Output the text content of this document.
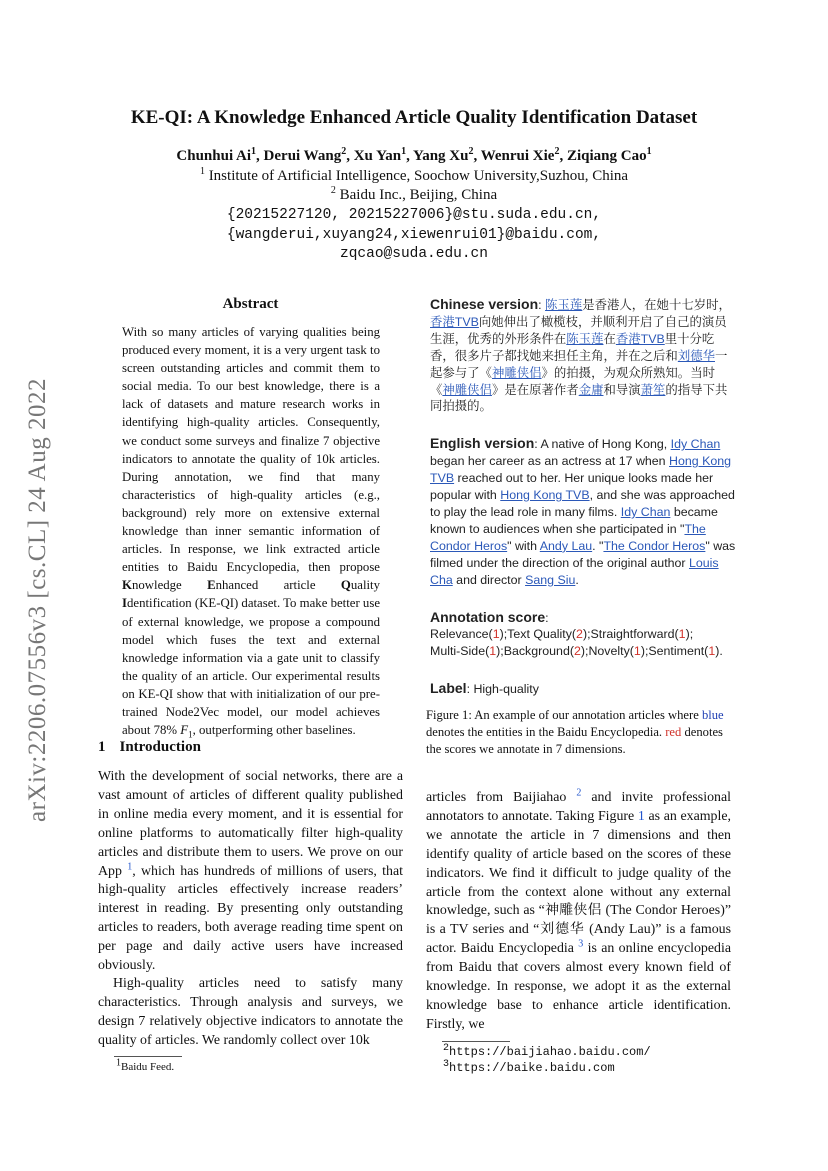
arXiv:2206.07556v3 [cs.CL] 24 Aug 2022
KE-QI: A Knowledge Enhanced Article Quality Identification Dataset
Chunhui Ai$^1$, Derui Wang$^2$, Xu Yan$^1$, Yang Xu$^2$, Wenrui Xie$^2$, Ziqiang Cao$^1$
$^1$ Institute of Artificial Intelligence, Soochow University,Suzhou, China
$^2$ Baidu Inc., Beijing, China
{20215227120, 20215227006}@stu.suda.edu.cn,
{wangderui,xuyang24,xiewenrui01}@baidu.com,
zqcao@suda.edu.cn
Abstract
With so many articles of varying qualities being produced every moment, it is a very urgent task to screen outstanding articles and commit them to social media. To our best knowledge, there is a lack of datasets and mature research works in identifying high-quality articles. Consequently, we conduct some surveys and finalize 7 objective indicators to annotate the quality of 10k articles. During annotation, we find that many characteristics of high-quality articles (e.g., background) rely more on extensive external knowledge than inner semantic information of articles. In response, we link extracted article entities to Baidu Encyclopedia, then propose Knowledge Enhanced article Quality Identification (KE-QI) dataset. To make better use of external knowledge, we propose a compound model which fuses the text and external knowledge information via a gate unit to classify the quality of an article. Our experimental results on KE-QI show that with initialization of our pre-trained Node2Vec model, our model achieves about 78% $F_1$, outperforming other baselines.
1 Introduction
With the development of social networks, there are a vast amount of articles of different quality published in online media every moment, and it is essential for online platforms to automatically filter high-quality articles and distribute them to users. We prove on our App $^1$, which has hundreds of millions of users, that high-quality articles effectively increase readers’ interest in reading. By presenting only outstanding articles to readers, both average reading time spent on per page and daily active users have increased obviously.
High-quality articles need to satisfy many characteristics. Through analysis and surveys, we design 7 relatively objective indicators to annotate the quality of articles. We randomly collect over 10k
$^1$Baidu Feed.
Chinese version: 陈玉莲是香港人，在她十七岁时，香港TVB向她伸出了橄榄枝，并顺利开启了自己的演员生涯，优秀的外形条件在陈玉莲在香港TVB里十分吃香，很多片子都找她来担任主角，并在之后和刘德华一起参与了《神雕侠侣》的拍摄，为观众所熟知。当时《神雕侠侣》是在原著作者金庸和导演萧笙的指导下共同拍摄的。
English version: A native of Hong Kong, Idy Chan began her career as an actress at 17 when Hong Kong TVB reached out to her. Her unique looks made her popular with Hong Kong TVB, and she was approached to play the lead role in many films. Idy Chan became known to audiences when she participated in "The Condor Heros" with Andy Lau. "The Condor Heros" was filmed under the direction of the original author Louis Cha and director Sang Siu.
Annotation score:
Relevance(1);Text Quality(2);Straightforward(1);
Multi-Side(1);Background(2);Novelty(1);Sentiment(1).
Label: High-quality
Figure 1: An example of our annotation articles where blue denotes the entities in the Baidu Encyclopedia. red denotes the scores we annotate in 7 dimensions.
articles from Baijiahao $^2$ and invite professional annotators to annotate. Taking Figure 1 as an example, we annotate the article in 7 dimensions and then identify quality of article based on the scores of these indicators. We find it difficult to judge quality of the article from the context alone without any external knowledge, such as “神雕侠侣 (The Condor Heroes)” is a TV series and “刘德华 (Andy Lau)” is a famous actor. Baidu Encyclopedia $^3$ is an online encyclopedia from Baidu that covers almost every known field of knowledge. In response, we adopt it as the external knowledge base to enhance article identification. Firstly, we
$^2$https://baijiahao.baidu.com/
$^3$https://baike.baidu.com
